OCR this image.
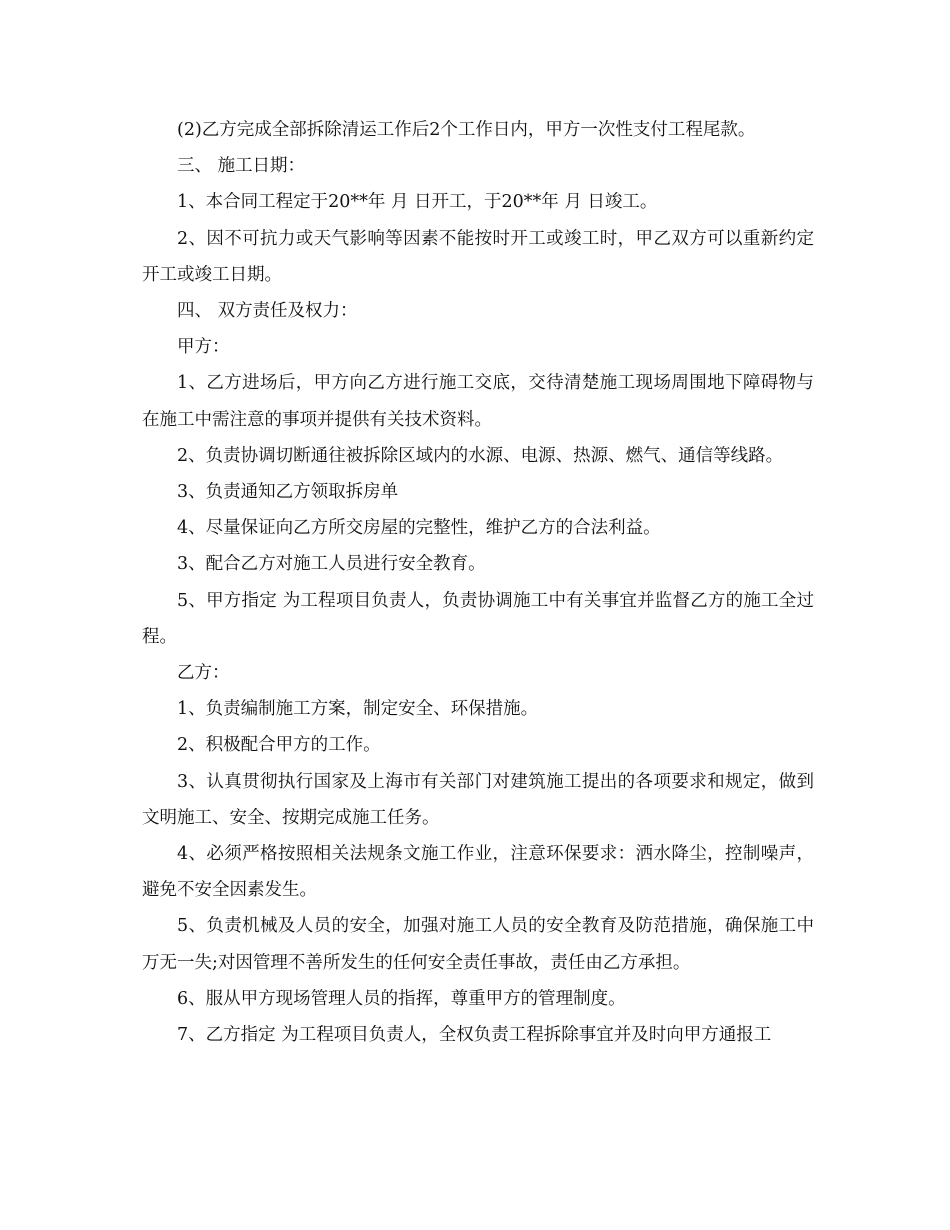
(2)乙方完成全部拆除清运工作后2个工作日内，甲方一次性支付工程尾款。

三、 施工日期：

1、本合同工程定于20**年 月 日开工，于20**年 月 日竣工。

2、因不可抗力或天气影响等因素不能按时开工或竣工时，甲乙双方可以重新约定开工或竣工日期。

四、 双方责任及权力：

甲方：

1、乙方进场后，甲方向乙方进行施工交底，交待清楚施工现场周围地下障碍物与在施工中需注意的事项并提供有关技术资料。

2、负责协调切断通往被拆除区域内的水源、电源、热源、燃气、通信等线路。

3、负责通知乙方领取拆房单

4、尽量保证向乙方所交房屋的完整性，维护乙方的合法利益。

3、配合乙方对施工人员进行安全教育。

5、甲方指定 为工程项目负责人，负责协调施工中有关事宜并监督乙方的施工全过程。

乙方：

1、负责编制施工方案，制定安全、环保措施。

2、积极配合甲方的工作。

3、认真贯彻执行国家及上海市有关部门对建筑施工提出的各项要求和规定，做到文明施工、安全、按期完成施工任务。

4、必须严格按照相关法规条文施工作业，注意环保要求：洒水降尘，控制噪声，避免不安全因素发生。

5、负责机械及人员的安全，加强对施工人员的安全教育及防范措施，确保施工中万无一失;对因管理不善所发生的任何安全责任事故，责任由乙方承担。

6、服从甲方现场管理人员的指挥，尊重甲方的管理制度。

7、乙方指定 为工程项目负责人，全权负责工程拆除事宜并及时向甲方通报工
